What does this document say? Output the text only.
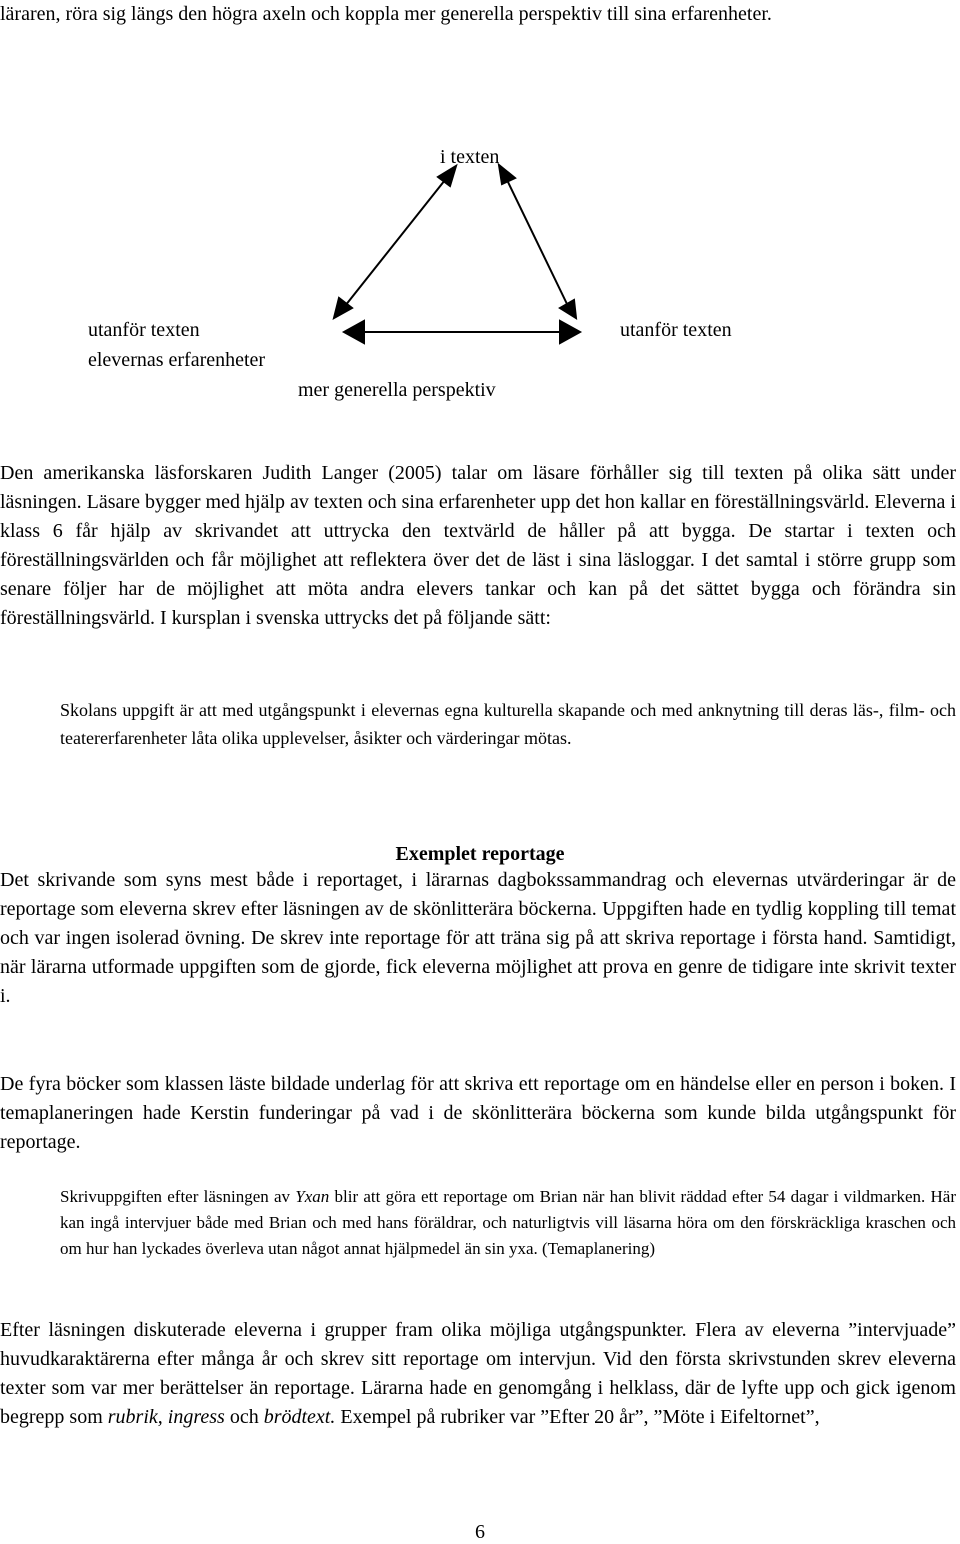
läraren, röra sig längs den högra axeln och koppla mer generella perspektiv till sina erfarenheter.

i texten
utanför texten
elevernas erfarenheter
utanför texten
mer generella perspektiv

Den amerikanska läsforskaren Judith Langer (2005) talar om läsare förhåller sig till texten på olika sätt under läsningen. Läsare bygger med hjälp av texten och sina erfarenheter upp det hon kallar en föreställningsvärld. Eleverna i klass 6 får hjälp av skrivandet att uttrycka den textvärld de håller på att bygga. De startar i texten och föreställningsvärlden och får möjlighet att reflektera över det de läst i sina läsloggar. I det samtal i större grupp som senare följer har de möjlighet att möta andra elevers tankar och kan på det sättet bygga och förändra sin föreställningsvärld. I kursplan i svenska uttrycks det på följande sätt:

Skolans uppgift är att med utgångspunkt i elevernas egna kulturella skapande och med anknytning till deras läs-, film- och teatererfarenheter låta olika upplevelser, åsikter och värderingar mötas.

Exemplet reportage

Det skrivande som syns mest både i reportaget, i lärarnas dagbokssammandrag och elevernas utvärderingar är de reportage som eleverna skrev efter läsningen av de skönlitterära böckerna. Uppgiften hade en tydlig koppling till temat och var ingen isolerad övning. De skrev inte reportage för att träna sig på att skriva reportage i första hand. Samtidigt, när lärarna utformade uppgiften som de gjorde, fick eleverna möjlighet att prova en genre de tidigare inte skrivit texter i.

De fyra böcker som klassen läste bildade underlag för att skriva ett reportage om en händelse eller en person i boken. I temaplaneringen hade Kerstin funderingar på vad i de skönlitterära böckerna som kunde bilda utgångspunkt för reportage.

Skrivuppgiften efter läsningen av Yxan blir att göra ett reportage om Brian när han blivit räddad efter 54 dagar i vildmarken. Här kan ingå intervjuer både med Brian och med hans föräldrar, och naturligtvis vill läsarna höra om den förskräckliga kraschen och om hur han lyckades överleva utan något annat hjälpmedel än sin yxa. (Temaplanering)

Efter läsningen diskuterade eleverna i grupper fram olika möjliga utgångspunkter. Flera av eleverna ”intervjuade” huvudkaraktärerna efter många år och skrev sitt reportage om intervjun. Vid den första skrivstunden skrev eleverna texter som var mer berättelser än reportage. Lärarna hade en genomgång i helklass, där de lyfte upp och gick igenom begrepp som rubrik, ingress och brödtext. Exempel på rubriker var ”Efter 20 år”, ”Möte i Eifeltornet”,

6
